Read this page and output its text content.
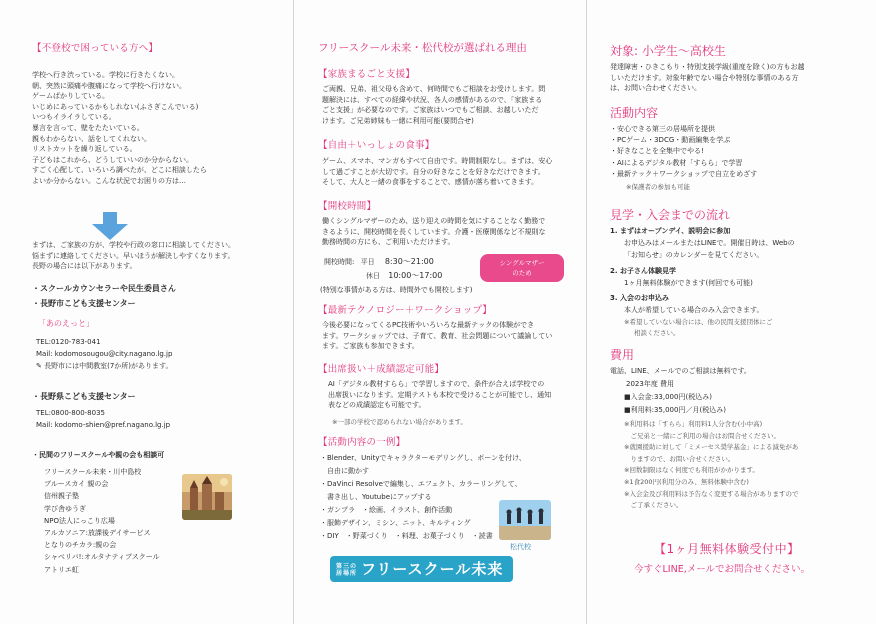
【不登校で困っている方へ】
学校へ行き渋っている。学校に行きたくない。
朝、突然に頭痛や腹痛になって学校へ行けない。
ゲームばかりしている。
いじめにあっているかもしれない(ふさぎこんでいる)
いつもイライラしている。
暴言を言って、壁をたたいている。
親もわからない、話をしてくれない。
リストカットを繰り返している。
子どもはこれから、どうしていいのか分からない。
すごく心配して、いろいろ調べたが、どこに相談したら
よいか分からない。こんな状況でお困りの方は…
まずは、ご家族の方が、学校や行政の窓口に相談してください。
悩まずに連絡してください。早いほうが解決しやすくなります。
長野の場合には以下があります。
・スクールカウンセラーや民生委員さん
・長野市こども支援センター
「あのえっと」
TEL:0120-783-041
Mail: kodomosougou@city.nagano.lg.jp
✎ 長野市には中間教室(7か所)があります。
・長野県こども支援センター
TEL:0800-800-8035
Mail: kodomo-shien@pref.nagano.lg.jp
・民間のフリースクールや親の会も相談可
フリースクール未来・川中島校
ブルースカイ 親の会
信州親子塾
学び舎ゆうぎ
NPO法人にっこり広場
アルカソニア:放課後デイサービス
となりのチカラ:親の会
シャベリバ!:オルタナティブスクール
アトリエ虹
フリースクール未来・松代校が選ばれる理由
【家族まるごと支援】
ご両親、兄弟、祖父母も含めて、何時間でもご相談をお受けします。問
題解決には、すべての経緯や状況、各人の感情があるので、「家族まる
ごと支援」が必要なのです。ご家族はいつでもご相談、お越しいただ
けます。ご兄弟姉妹も一緒に利用可能(要問合せ)
【自由＋いっしょの食事】
ゲーム、スマホ、マンガもすべて自由です。時間制限なし。まずは、安心
して過ごすことが大切です。自分の好きなことを好きなだけできます。
そして、大人と一緒の食事をすることで、感情が落ち着いてきます。
【開校時間】
働くシングルマザーのため、送り迎えの時間を気にすることなく勤務で
きるように、開校時間を長くしています。介護・医療関係など不規則な
勤務時間の方にも、ご利用いただけます。
開校時間: 平日 8:30～21:00
休日 10:00～17:00
(特別な事情がある方は、時間外でも開校します)
シングルマザー
のため
【最新テクノロジー＋ワークショップ】
今後必要になってくるPC技術やいろいろな最新テックの体験ができ
ます。ワークショップでは、子育て、教育、社会問題について議論してい
ます。ご家族も参加できます。
【出席扱い＋成績認定可能】
AI「デジタル教材すらら」で学習しますので、条件が合えば学校での
出席扱いになります。定期テストも本校で受けることが可能でし、通知
表などの成績認定も可能です。
※一部の学校で認められない場合があります。
【活動内容の一例】
・Blender、Unityでキャラクターモデリングし、ボーンを付け、
　自由に動かす
・DaVinci Resolveで編集し、エフェクト、カラーリングして、
　書き出し、Youtubeにアップする
・ガンプラ　・絵画、イラスト、創作活動
・服飾デザイン、ミシン、ニット、キルティング
・DIY　・野菜づくり　・料理、お菓子づくり　・読書
松代校
第三の
居場所 フリースクール未来
対象: 小学生～高校生
発達障害・ひきこもり・特別支援学級(重度を除く)の方もお越
しいただけます。対象年齢でない場合や特別な事情のある方
は、お問い合わせください。
活動内容
・安心できる第三の居場所を提供
・PCゲーム・3DCG・動画編集を学ぶ
・好きなことを全集中でやる!
・AIによるデジタル教材「すらら」で学習
・最新テック＋ワークショップで自立をめざす
※保護者の参加も可能
見学・入会までの流れ
1. まずはオープンデイ、説明会に参加
お申込みはメールまたはLINEで。開催日時は、Webの
「お知らせ」のカレンダーを見てください。
2. お子さん体験見学
1ヶ月無料体験ができます(何回でも可能)
3. 入会のお申込み
本人が希望している場合のみ入会できます。
※希望していない場合には、他の民間支援団体にご
相談ください。
費用
電話、LINE、メールでのご相談は無料です。
2023年度 費用
■入会金:33,000円(税込み)
■利用料:35,000円／月(税込み)
※利用料は「すらら」利用料1人分含む(小中高)
　ご兄弟と一緒にご利用の場合はお問合せください。
※就園援助に対して「ミメーセス奨学基金」による減免があ
　りますので、お問い合せください。
※回数制限はなく何度でも利用がかかります。
※1食200円(利用分のみ、無料体験中含む)
※入会金及び利用料は予告なく変更する場合がありますので
　ご了承ください。
【1ヶ月無料体験受付中】
今すぐLINE,メールでお問合せください。
